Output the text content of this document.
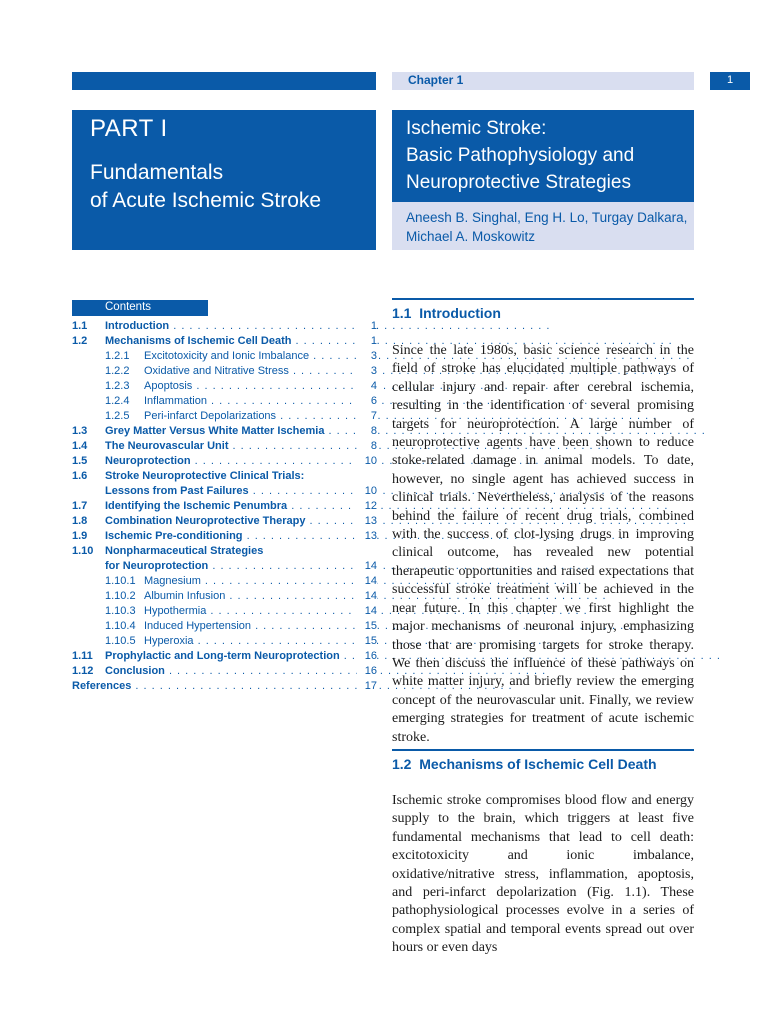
Chapter 1	1
PART I
Fundamentals
of Acute Ischemic Stroke
Ischemic Stroke:
Basic Pathophysiology and
Neuroprotective Strategies
Aneesh B. Singhal, Eng H. Lo, Turgay Dalkara,
Michael A. Moskowitz
Contents
1.1 Introduction . . .	1
1.2 Mechanisms of Ischemic Cell Death . . .	1
1.2.1 Excitotoxicity and Ionic Imbalance . . .	3
1.2.2 Oxidative and Nitrative Stress . . .	3
1.2.3 Apoptosis . . .	4
1.2.4 Inflammation . . .	6
1.2.5 Peri-infarct Depolarizations . . .	7
1.3 Grey Matter Versus White Matter Ischemia . . .	8
1.4 The Neurovascular Unit . . .	8
1.5 Neuroprotection . . .	10
1.6 Stroke Neuroprotective Clinical Trials:
Lessons from Past Failures . . .	10
1.7 Identifying the Ischemic Penumbra . . .	12
1.8 Combination Neuroprotective Therapy . . .	13
1.9 Ischemic Pre-conditioning . . .	13
1.10 Nonpharmaceutical Strategies
for Neuroprotection . . .	14
1.10.1 Magnesium . . .	14
1.10.2 Albumin Infusion . . .	14
1.10.3 Hypothermia . . .	14
1.10.4 Induced Hypertension . . .	15
1.10.5 Hyperoxia . . .	15
1.11 Prophylactic and Long-term Neuroprotection . . .	16
1.12 Conclusion . . .	16
References . . .	17
1.1  Introduction
Since the late 1980s, basic science research in the field of stroke has elucidated multiple pathways of cellular injury and repair after cerebral ischemia, resulting in the identification of several promising targets for neuroprotection. A large number of neuroprotective agents have been shown to reduce stoke-related damage in animal models. To date, however, no single agent has achieved success in clinical trials. Nevertheless, analysis of the reasons behind the failure of recent drug trials, combined with the success of clot-lysing drugs in improving clinical outcome, has revealed new potential therapeutic opportunities and raised expectations that successful stroke treatment will be achieved in the near future. In this chapter we first highlight the major mechanisms of neuronal injury, emphasizing those that are promising targets for stroke therapy. We then discuss the influence of these pathways on white matter injury, and briefly review the emerging concept of the neurovascular unit. Finally, we review emerging strategies for treatment of acute ischemic stroke.
1.2  Mechanisms of Ischemic Cell Death
Ischemic stroke compromises blood flow and energy supply to the brain, which triggers at least five fundamental mechanisms that lead to cell death: excitotoxicity and ionic imbalance, oxidative/nitrative stress, inflammation, apoptosis, and peri-infarct depolarization (Fig. 1.1). These pathophysiological processes evolve in a series of complex spatial and temporal events spread out over hours or even days
